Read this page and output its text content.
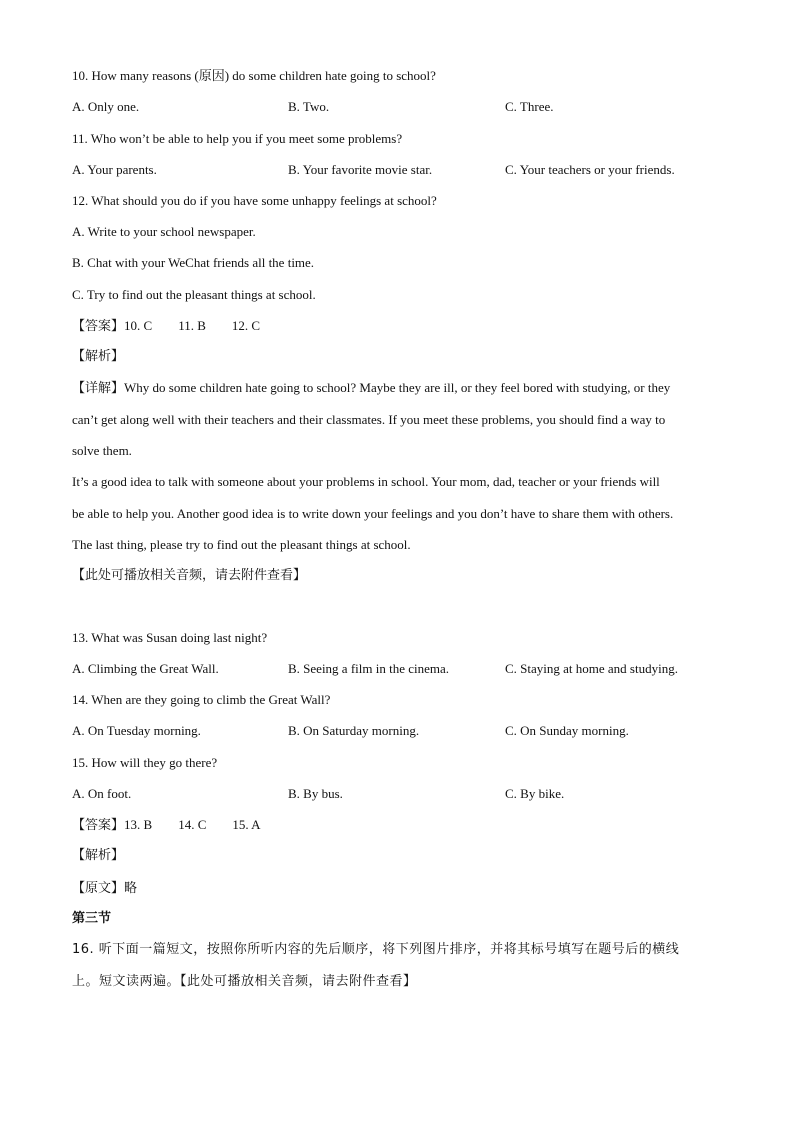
10. How many reasons (原因) do some children hate going to school?
A. Only one.	B. Two.	C. Three.
11. Who won’t be able to help you if you meet some problems?
A. Your parents.	B. Your favorite movie star.	C. Your teachers or your friends.
12. What should you do if you have some unhappy feelings at school?
A. Write to your school newspaper.
B. Chat with your WeChat friends all the time.
C. Try to find out the pleasant things at school.
【答案】10. C 11. B 12. C
【解析】
【详解】Why do some children hate going to school? Maybe they are ill, or they feel bored with studying, or they
can’t get along well with their teachers and their classmates. If you meet these problems, you should find a way to
solve them.
It’s a good idea to talk with someone about your problems in school. Your mom, dad, teacher or your friends will
be able to help you. Another good idea is to write down your feelings and you don’t have to share them with others.
The last thing, please try to find out the pleasant things at school.
【此处可播放相关音频，请去附件查看】
13. What was Susan doing last night?
A. Climbing the Great Wall.	B. Seeing a film in the cinema.	C. Staying at home and studying.
14. When are they going to climb the Great Wall?
A. On Tuesday morning.	B. On Saturday morning.	C. On Sunday morning.
15. How will they go there?
A. On foot.	B. By bus.	C. By bike.
【答案】13. B 14. C 15. A
【解析】
【原文】略
第三节
16. 听下面一篇短文，按照你所听内容的先后顺序，将下列图片排序，并将其标号填写在题号后的横线
上。短文读两遍。【此处可播放相关音频，请去附件查看】
